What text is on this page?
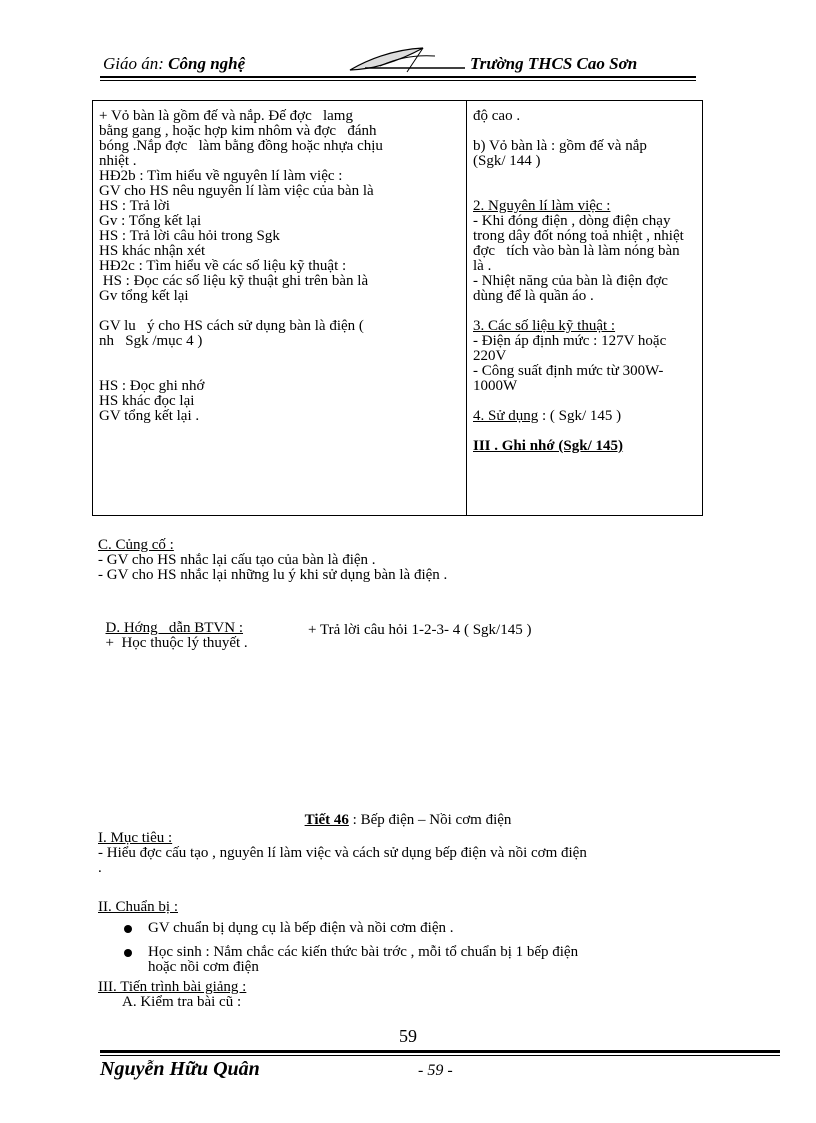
Giáo án: Công nghệ	Trường THCS Cao Sơn
+ Vỏ bàn là gồm đế và nắp. Đế đợc   lamg
bằng gang , hoặc hợp kim nhôm và đợc   đánh
bóng .Nắp đợc   làm bằng đồng hoặc nhựa chịu
nhiệt .
HĐ2b : Tìm hiểu về nguyên lí làm việc :
GV cho HS nêu nguyên lí làm việc của bàn là
HS : Trả lời
Gv : Tổng kết lại
HS : Trả lời câu hỏi trong Sgk
HS khác nhận xét
HĐ2c : Tìm hiểu về các số liệu kỹ thuật :
HS : Đọc các số liệu kỹ thuật ghi trên bàn là
Gv tổng kết lại
GV lu   ý cho HS cách sử dụng bàn là điện (
nh   Sgk /mục 4 )
HS : Đọc ghi nhớ
HS khác đọc lại
GV tổng kết lại .

độ cao .
b) Vỏ bàn là : gồm đế và nắp
(Sgk/ 144 )
2. Nguyên lí làm việc :
- Khi đóng điện , dòng điện chạy
trong dây đốt nóng toả nhiệt , nhiệt
đợc   tích vào bàn là làm nóng bàn
là .
- Nhiệt năng của bàn là điện đợc
dùng để là quần áo .
3. Các số liệu kỹ thuật :
- Điện áp định mức : 127V hoặc
220V
- Công suất định mức từ 300W-
1000W
4. Sử dụng : ( Sgk/ 145 )
III . Ghi nhớ (Sgk/ 145)
C. Củng cố :
- GV cho HS nhắc lại cấu tạo của bàn là điện .
- GV cho HS nhắc lại những lu ý khi sử dụng bàn là điện .

D. Hớng   dẫn BTVN :
+  Học thuộc lý thuyết .

+ Trả lời câu hỏi 1-2-3- 4 ( Sgk/145 )
Tiết 46 : Bếp điện – Nồi cơm điện
I. Mục tiêu :
- Hiểu đợc cấu tạo , nguyên lí làm việc và cách sử dụng bếp điện và nồi cơm điện
.
II. Chuẩn bị :
GV chuẩn bị dụng cụ là bếp điện và nồi cơm điện .
Học sinh : Nắm chắc các kiến thức bài trớc , mỗi tổ chuẩn bị 1 bếp điện
hoặc nồi cơm điện
III. Tiến trình bài giảng :
A. Kiểm tra bài cũ :
59
Nguyễn Hữu Quân	- 59 -
